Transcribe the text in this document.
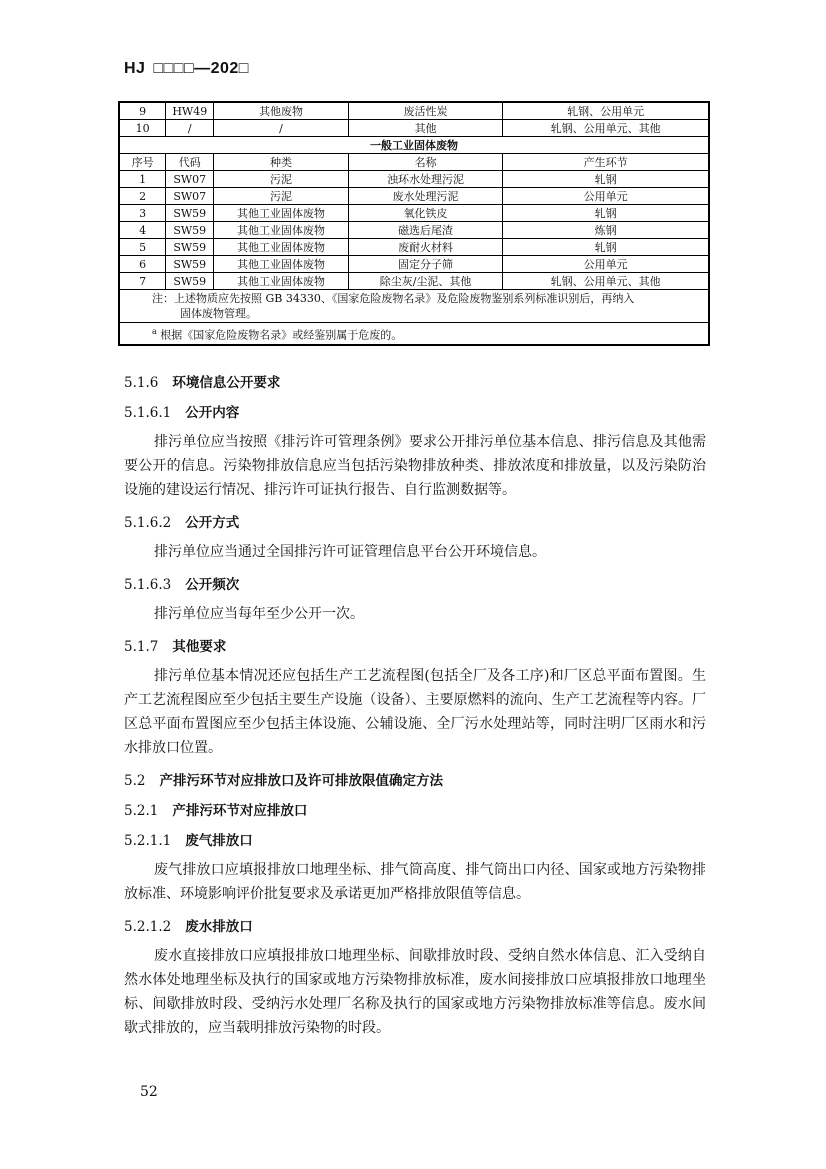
HJ □□□□—202□
9	HW49	其他废物	废活性炭	轧钢、公用单元
10	/	/	其他	轧钢、公用单元、其他
一般工业固体废物				
序号	代码	种类	名称	产生环节
1	SW07	污泥	浊环水处理污泥	轧钢
2	SW07	污泥	废水处理污泥	公用单元
3	SW59	其他工业固体废物	氧化铁皮	轧钢
4	SW59	其他工业固体废物	磁选后尾渣	炼钢
5	SW59	其他工业固体废物	废耐火材料	轧钢
6	SW59	其他工业固体废物	固定分子筛	公用单元
7	SW59	其他工业固体废物	除尘灰/尘泥、其他	轧钢、公用单元、其他

注：上述物质应先按照 GB 34330、《国家危险废物名录》及危险废物鉴别系列标准识别后，再纳入
固体废物管理。				

$^a$ 根据《国家危险废物名录》或经鉴别属于危废的。				
5.1.6 环境信息公开要求
5.1.6.1 公开内容

排污单位应当按照《排污许可管理条例》要求公开排污单位基本信息、排污信息及其他需要公开的信息。污染物排放信息应当包括污染物排放种类、排放浓度和排放量，以及污染防治设施的建设运行情况、排污许可证执行报告、自行监测数据等。

5.1.6.2 公开方式

排污单位应当通过全国排污许可证管理信息平台公开环境信息。

5.1.6.3 公开频次

排污单位应当每年至少公开一次。

5.1.7 其他要求

排污单位基本情况还应包括生产工艺流程图(包括全厂及各工序)和厂区总平面布置图。生产工艺流程图应至少包括主要生产设施（设备）、主要原燃料的流向、生产工艺流程等内容。厂区总平面布置图应至少包括主体设施、公辅设施、全厂污水处理站等，同时注明厂区雨水和污水排放口位置。

5.2 产排污环节对应排放口及许可排放限值确定方法
5.2.1 产排污环节对应排放口
5.2.1.1 废气排放口

废气排放口应填报排放口地理坐标、排气筒高度、排气筒出口内径、国家或地方污染物排放标准、环境影响评价批复要求及承诺更加严格排放限值等信息。

5.2.1.2 废水排放口

废水直接排放口应填报排放口地理坐标、间歇排放时段、受纳自然水体信息、汇入受纳自然水体处地理坐标及执行的国家或地方污染物排放标准，废水间接排放口应填报排放口地理坐标、间歇排放时段、受纳污水处理厂名称及执行的国家或地方污染物排放标准等信息。废水间歇式排放的，应当载明排放污染物的时段。

52
